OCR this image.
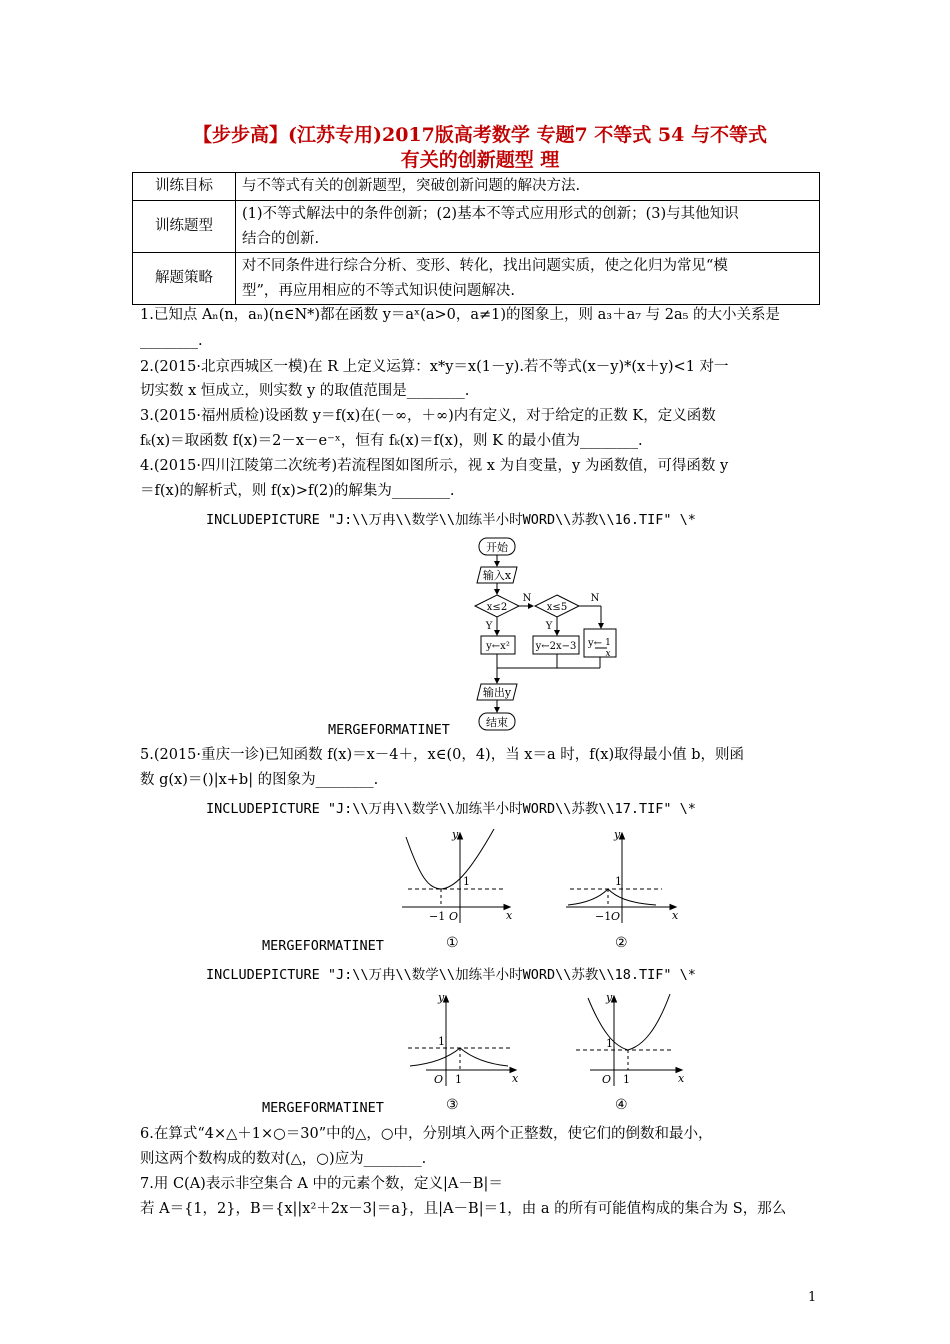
【步步高】(江苏专用)2017版高考数学 专题7 不等式 54 与不等式
有关的创新题型 理
训练目标	与不等式有关的创新题型，突破创新问题的解决方法.
训练题型	(1)不等式解法中的条件创新；(2)基本不等式应用形式的创新；(3)与其他知识
结合的创新.

解题策略	对不同条件进行综合分析、变形、转化，找出问题实质，使之化归为常见“模
型”，再应用相应的不等式知识使问题解决.
1.已知点 Aₙ(n，aₙ)(n∈N*)都在函数 y＝aˣ(a>0，a≠1)的图象上，则 a₃＋a₇ 与 2a₅ 的大小关系是
________.
2.(2015·北京西城区一模)在 R 上定义运算：x*y＝x(1－y).若不等式(x－y)*(x＋y)<1 对一
切实数 x 恒成立，则实数 y 的取值范围是________.
3.(2015·福州质检)设函数 y＝f(x)在(－∞，＋∞)内有定义，对于给定的正数 K，定义函数
fₖ(x)＝取函数 f(x)＝2－x－e⁻ˣ，恒有 fₖ(x)＝f(x)，则 K 的最小值为________.
4.(2015·四川江陵第二次统考)若流程图如图所示，视 x 为自变量，y 为函数值，可得函数 y
＝f(x)的解析式，则 f(x)>f(2)的解集为________.
INCLUDEPICTURE "J:\\万冉\\数学\\加练半小时WORD\\苏教\\16.TIF" \*
开始
输入x
x≤2	x≤5
N	N
Y	Y
y←x²	y←2x−3 y← 1
x
输出y
结束
MERGEFORMATINET
5.(2015·重庆一诊)已知函数 f(x)＝x－4＋，x∈(0，4)，当 x＝a 时，f(x)取得最小值 b，则函
数 g(x)＝()|x+b| 的图象为________.
INCLUDEPICTURE "J:\\万冉\\数学\\加练半小时WORD\\苏教\\17.TIF" \*
y
x
O
−1
1
y
x
O
−1
1
MERGEFORMATINET	①	②
INCLUDEPICTURE "J:\\万冉\\数学\\加练半小时WORD\\苏教\\18.TIF" \*
y
x
O 1
1
y
x
O 1
1
MERGEFORMATINET	③	④
6.在算式“4×△＋1×○＝30”中的△，○中，分别填入两个正整数，使它们的倒数和最小，
则这两个数构成的数对(△，○)应为________.
7.用 C(A)表示非空集合 A 中的元素个数，定义|A－B|＝
若 A＝{1，2}，B＝{x||x²＋2x－3|＝a}，且|A－B|＝1，由 a 的所有可能值构成的集合为 S，那么
1
